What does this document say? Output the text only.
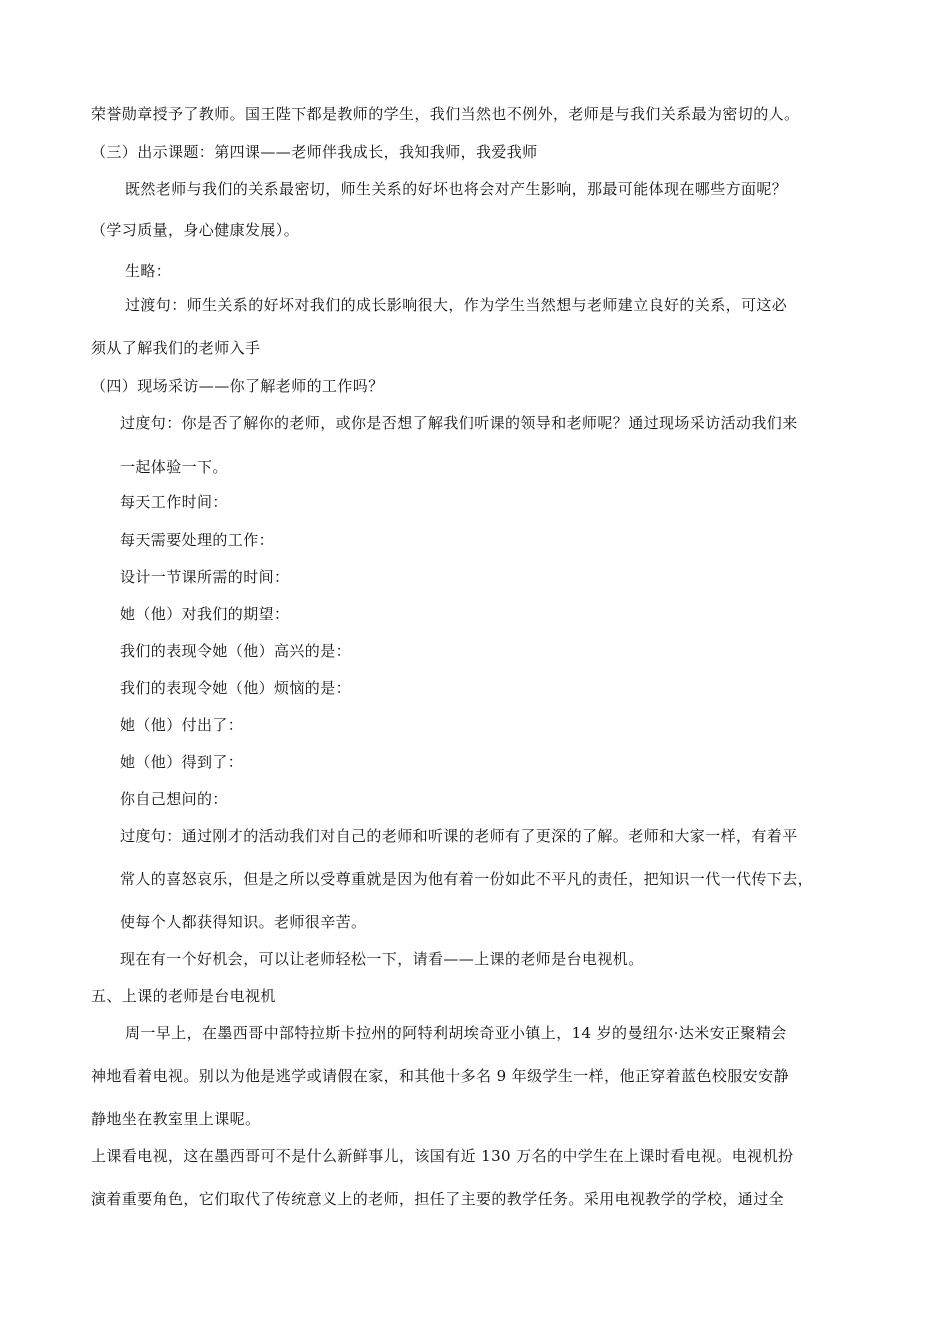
荣誉勋章授予了教师。国王陛下都是教师的学生，我们当然也不例外，老师是与我们关系最为密切的人。
（三）出示课题：第四课——老师伴我成长，我知我师，我爱我师
既然老师与我们的关系最密切，师生关系的好坏也将会对产生影响，那最可能体现在哪些方面呢？
（学习质量，身心健康发展）。
生略：
过渡句：师生关系的好坏对我们的成长影响很大，作为学生当然想与老师建立良好的关系，可这必
须从了解我们的老师入手
（四）现场采访——你了解老师的工作吗？
过度句：你是否了解你的老师，或你是否想了解我们听课的领导和老师呢？通过现场采访活动我们来
一起体验一下。
每天工作时间：
每天需要处理的工作：
设计一节课所需的时间：
她（他）对我们的期望：
我们的表现令她（他）高兴的是：
我们的表现令她（他）烦恼的是：
她（他）付出了：
她（他）得到了：
你自己想问的：
过度句：通过刚才的活动我们对自己的老师和听课的老师有了更深的了解。老师和大家一样，有着平
常人的喜怒哀乐，但是之所以受尊重就是因为他有着一份如此不平凡的责任，把知识一代一代传下去，
使每个人都获得知识。老师很辛苦。
现在有一个好机会，可以让老师轻松一下，请看——上课的老师是台电视机。
五、上课的老师是台电视机
周一早上，在墨西哥中部特拉斯卡拉州的阿特利胡埃奇亚小镇上，14 岁的曼纽尔·达米安正聚精会
神地看着电视。别以为他是逃学或请假在家，和其他十多名 9 年级学生一样，他正穿着蓝色校服安安静
静地坐在教室里上课呢。
上课看电视，这在墨西哥可不是什么新鲜事儿，该国有近 130 万名的中学生在上课时看电视。电视机扮
演着重要角色，它们取代了传统意义上的老师，担任了主要的教学任务。采用电视教学的学校，通过全
